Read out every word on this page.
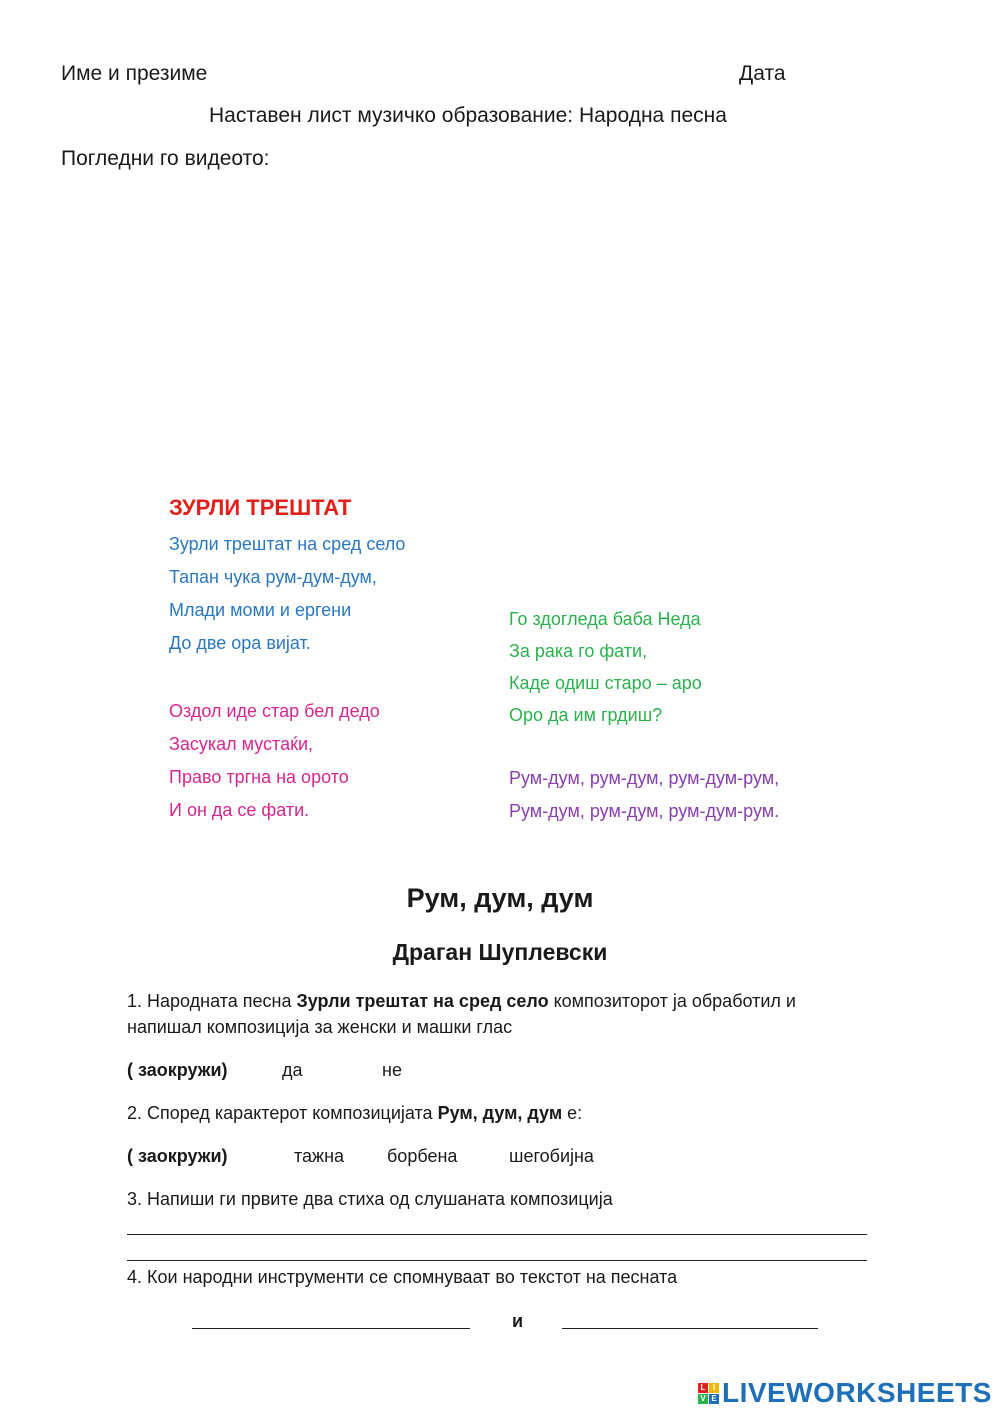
Име и презиме	Дата
Наставен лист музичко образование: Народна песна
Погледни го видеото:
ЗУРЛИ ТРЕШТАТ
Зурли трештат на сред село
Тапан чука рум-дум-дум,
Млади моми и ергени
До две ора вијат.
Оздол иде стар бел дедо
Засукал мустаќи,
Право тргна на орото
И он да се фати.
Го здогледа баба Неда
За рака го фати,
Каде одиш старо – аро
Оро да им грдиш?
Рум-дум, рум-дум, рум-дум-рум,
Рум-дум, рум-дум, рум-дум-рум.
Рум, дум, дум
Драган Шуплевски
1. Народната песна Зурли трештат на сред село композиторот ја обработил и
напишал композиција за женски и машки глас
( заокружи)	да	не
2. Според карактерот композицијата Рум, дум, дум е:
( заокружи)	тажна борбена	шегобијна
3. Напиши ги првите два стиха од слушаната композиција
4. Кои народни инструменти се спомнуваат во текстот на песната
и
L I
V E LIVEWORKSHEETS
